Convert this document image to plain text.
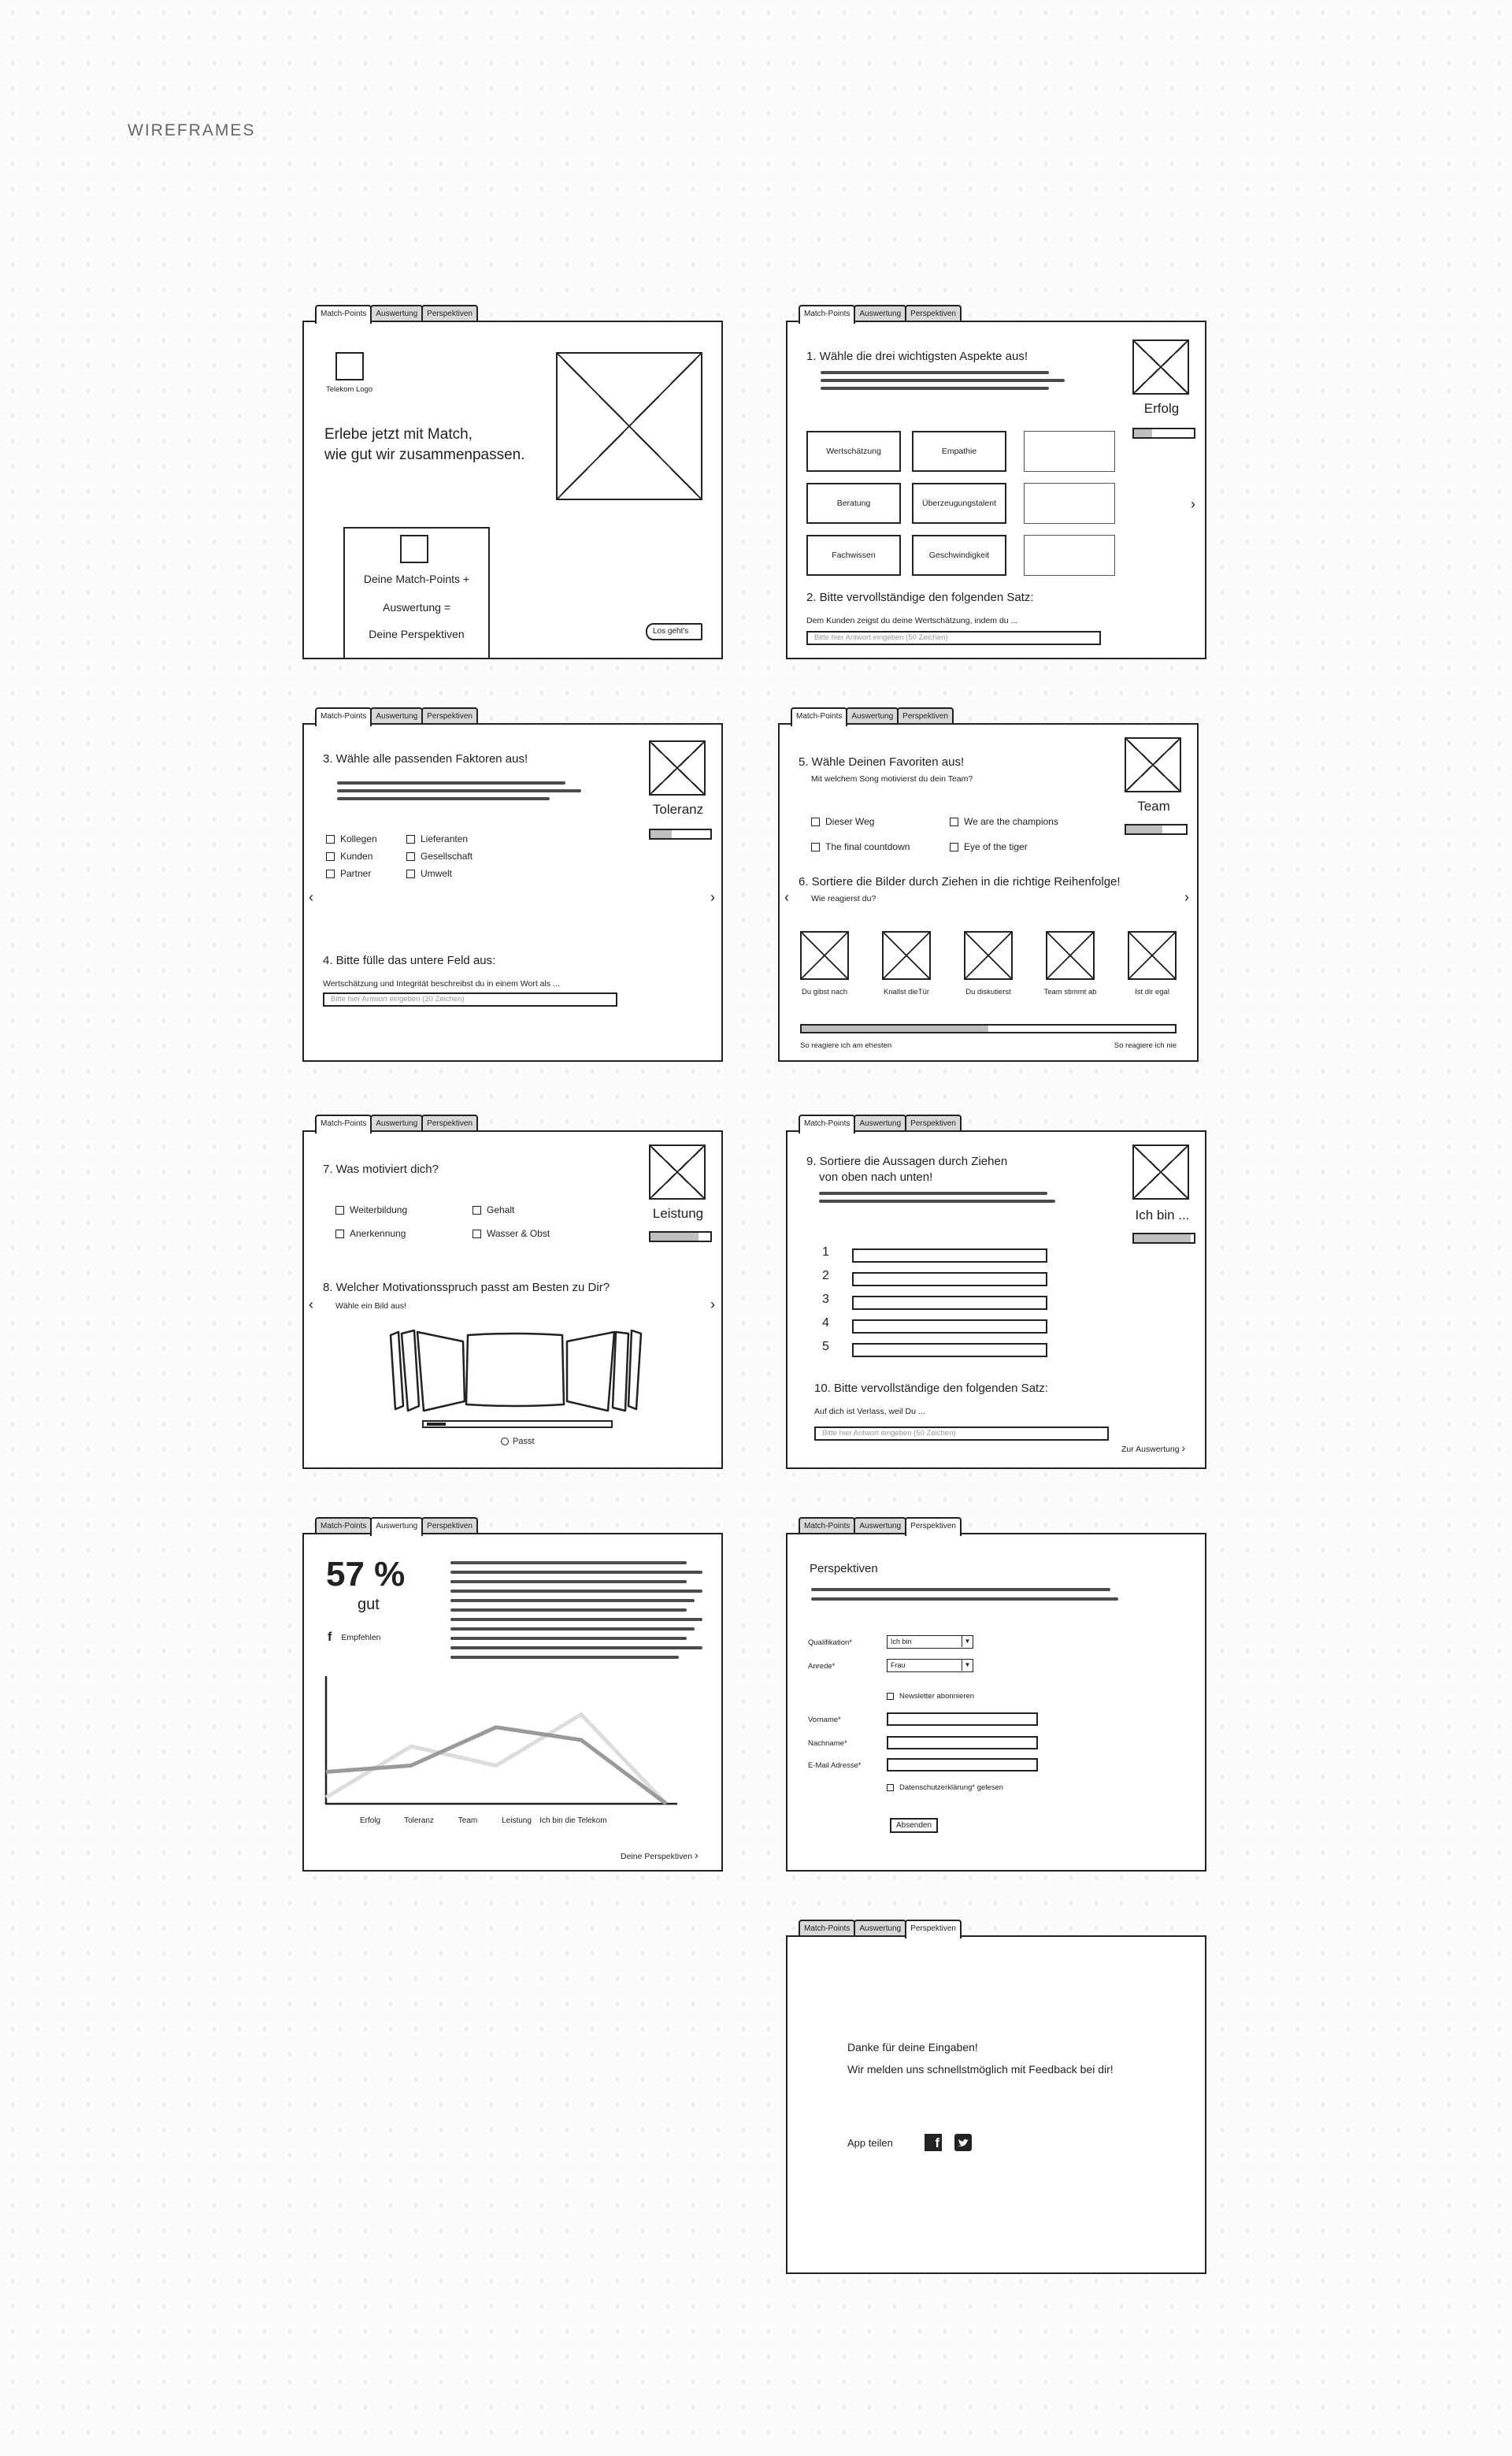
WIREFRAMES
Match-Points	Auswertung	Perspektiven
Telekom Logo
Erlebe jetzt mit Match,
wie gut wir zusammenpassen.
Deine Match-Points +
Auswertung =
Deine Perspektiven	Los geht's
Match-Points	Auswertung	Perspektiven
1. Wähle die drei wichtigsten Aspekte aus!
Erfolg
Wertschätzung	Empathie
Beratung	Überzeugungstalent
Fachwissen	Geschwindigkeit
›
2. Bitte vervollständige den folgenden Satz:
Dem Kunden zeigst du deine Wertschätzung, indem du ...
Bitte hier Antwort eingeben (50 Zeichen)
Match-Points	Auswertung	Perspektiven
3. Wähle alle passenden Faktoren aus!
Toleranz
Kollegen	Lieferanten
Kunden	Gesellschaft
Partner	Umwelt
‹	›
4. Bitte fülle das untere Feld aus:
Wertschätzung und Integrität beschreibst du in einem Wort als ...
Bitte hier Antwort eingeben (20 Zeichen)
Match-Points	Auswertung	Perspektiven
5. Wähle Deinen Favoriten aus!
Mit welchem Song motivierst du dein Team?
Team
Dieser Weg	We are the champions
The final countdown	Eye of the tiger
6. Sortiere die Bilder durch Ziehen in die richtige Reihenfolge!
Wie reagierst du?
‹	›
Du gibst nach	Knallst dieTür	Du diskutierst	Team stimmt ab	Ist dir egal
So reagiere ich am ehesten	So reagiere ich nie
Match-Points	Auswertung	Perspektiven
7. Was motiviert dich?
Leistung
Weiterbildung	Gehalt
Anerkennung	Wasser & Obst
8. Welcher Motivationsspruch passt am Besten zu Dir?
Wähle ein Bild aus!
‹	›
Passt
Match-Points	Auswertung	Perspektiven
9. Sortiere die Aussagen durch Ziehen
von oben nach unten!
Ich bin ...
1
2
3
4
5
10. Bitte vervollständige den folgenden Satz:
Auf dich ist Verlass, weil Du ...
Bitte hier Antwort eingeben (50 Zeichen)
Zur Auswertung ›
Match-Points	Auswertung	Perspektiven
57 %
gut
f Empfehlen
Erfolg	Toleranz	Team	Leistung Ich bin die Telekom
Deine Perspektiven ›
Match-Points	Auswertung	Perspektiven
Perspektiven
Qualifikation*	Ich bin	▼
Anrede*	Frau	▼
Newsletter abonnieren
Vorname*
Nachname*
E-Mail Adresse*
Datenschutzerklärung* gelesen
Absenden
Match-Points	Auswertung	Perspektiven
Danke für deine Eingaben!
Wir melden uns schnellstmöglich mit Feedback bei dir!
App teilen	f
